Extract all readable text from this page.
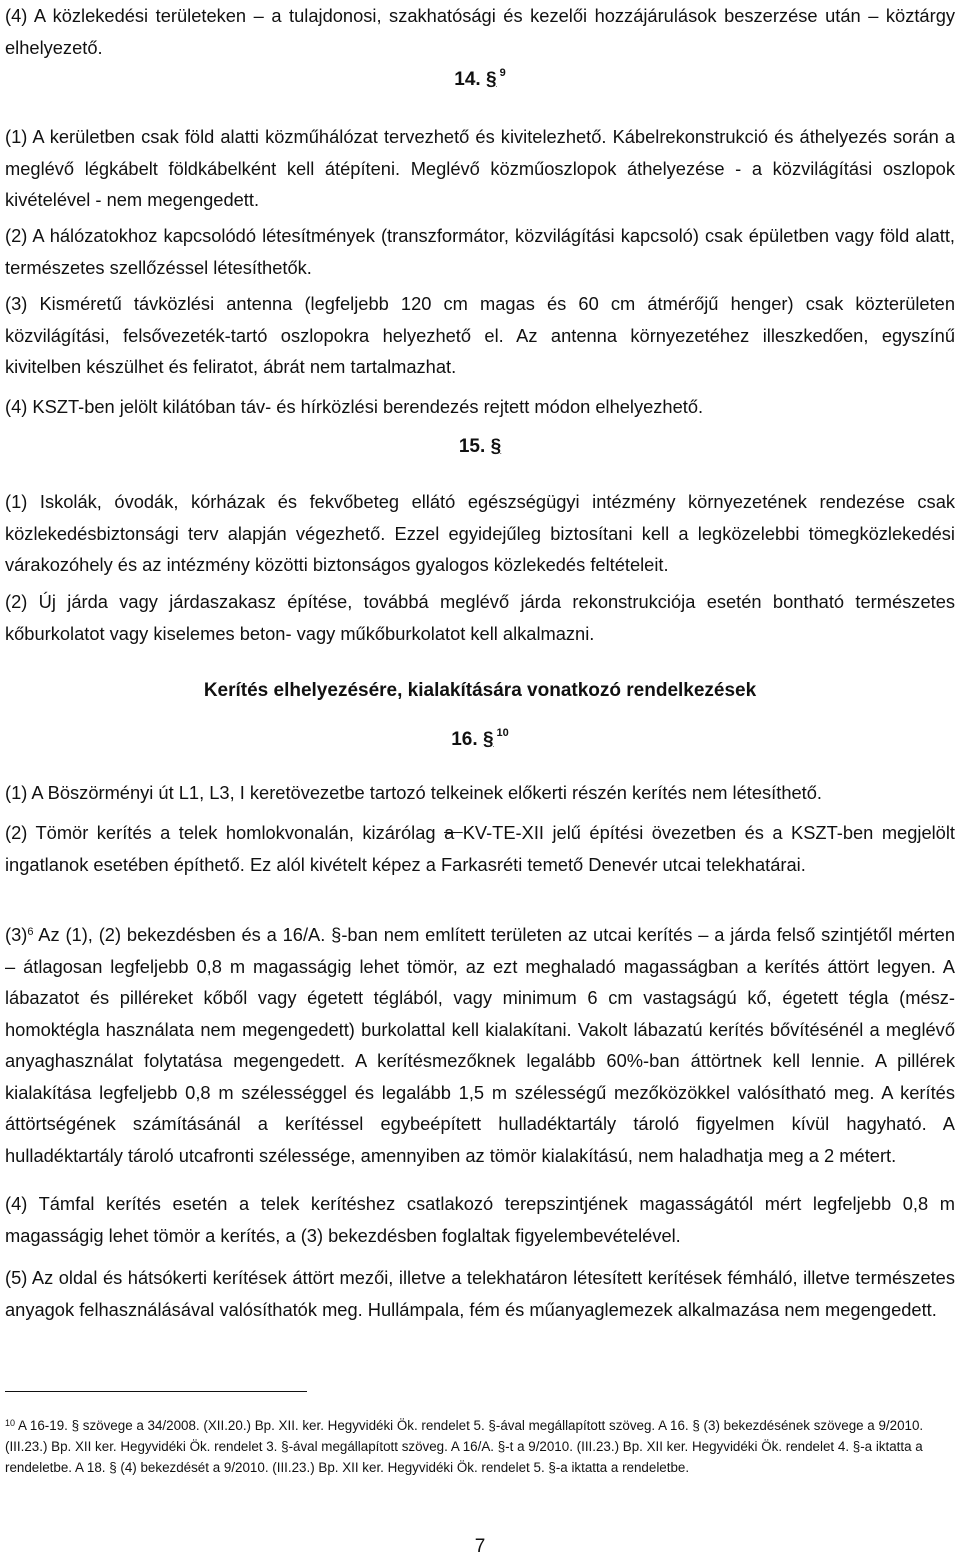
(4) A közlekedési területeken – a tulajdonosi, szakhatósági és kezelői hozzájárulások beszerzése után – köztárgy elhelyezető.

14. § $^9$

(1) A kerületben csak föld alatti közműhálózat tervezhető és kivitelezhető. Kábelrekonstrukció és áthelyezés során a meglévő légkábelt földkábelként kell átépíteni. Meglévő közműoszlopok áthelyezése - a közvilágítási oszlopok kivételével - nem megengedett.

(2) A hálózatokhoz kapcsolódó létesítmények (transzformátor, közvilágítási kapcsoló) csak épületben vagy föld alatt, természetes szellőzéssel létesíthetők.

(3) Kisméretű távközlési antenna (legfeljebb 120 cm magas és 60 cm átmérőjű henger) csak közterületen közvilágítási, felsővezeték-tartó oszlopokra helyezhető el. Az antenna környezetéhez illeszkedően, egyszínű kivitelben készülhet és feliratot, ábrát nem tartalmazhat.

(4) KSZT-ben jelölt kilátóban táv- és hírközlési berendezés rejtett módon elhelyezhető.

15. §

(1) Iskolák, óvodák, kórházak és fekvőbeteg ellátó egészségügyi intézmény környezetének rendezése csak közlekedésbiztonsági terv alapján végezhető. Ezzel egyidejűleg biztosítani kell a legközelebbi tömegközlekedési várakozóhely és az intézmény közötti biztonságos gyalogos közlekedés feltételeit.

(2) Új járda vagy járdaszakasz építése, továbbá meglévő járda rekonstrukciója esetén bontható természetes kőburkolatot vagy kiselemes beton- vagy műkőburkolatot kell alkalmazni.

Kerítés elhelyezésére, kialakítására vonatkozó rendelkezések
16. § $^{10}$

(1) A Böszörményi út L1, L3, I keretövezetbe tartozó telkeinek előkerti részén kerítés nem létesíthető.

(2) Tömör kerítés a telek homlokvonalán, kizárólag a KV-TE-XII jelű építési övezetben és a KSZT-ben megjelölt ingatlanok esetében építhető. Ez alól kivételt képez a Farkasréti temető Denevér utcai telekhatárai.

(3)$^6$ Az (1), (2) bekezdésben és a 16/A. §-ban nem említett területen az utcai kerítés – a járda felső szintjétől mérten – átlagosan legfeljebb 0,8 m magasságig lehet tömör, az ezt meghaladó magasságban a kerítés áttört legyen. A lábazatot és pilléreket kőből vagy égetett téglából, vagy minimum 6 cm vastagságú kő, égetett tégla (mész-homoktégla használata nem megengedett) burkolattal kell kialakítani. Vakolt lábazatú kerítés bővítésénél a meglévő anyaghasználat folytatása megengedett. A kerítésmezőknek legalább 60%-ban áttörtnek kell lennie. A pillérek kialakítása legfeljebb 0,8 m szélességgel és legalább 1,5 m szélességű mezőközökkel valósítható meg. A kerítés áttörtségének számításánál a kerítéssel egybeépített hulladéktartály tároló figyelmen kívül hagyható. A hulladéktartály tároló utcafronti szélessége, amennyiben az tömör kialakítású, nem haladhatja meg a 2 métert.

(4) Támfal kerítés esetén a telek kerítéshez csatlakozó terepszintjének magasságától mért legfeljebb 0,8 m magasságig lehet tömör a kerítés, a (3) bekezdésben foglaltak figyelembevételével.

(5) Az oldal és hátsókerti kerítések áttört mezői, illetve a telekhatáron létesített kerítések fémháló, illetve természetes anyagok felhasználásával valósíthatók meg. Hullámpala, fém és műanyaglemezek alkalmazása nem megengedett.

$^{10}$ A 16-19. § szövege a 34/2008. (XII.20.) Bp. XII. ker. Hegyvidéki Ök. rendelet 5. §-ával megállapított szöveg. A 16. § (3) bekezdésének szövege a 9/2010. (III.23.) Bp. XII ker. Hegyvidéki Ök. rendelet 3. §-ával megállapított szöveg. A 16/A. §-t a 9/2010. (III.23.) Bp. XII ker. Hegyvidéki Ök. rendelet 4. §-a iktatta a rendeletbe. A 18. § (4) bekezdését a 9/2010. (III.23.) Bp. XII ker. Hegyvidéki Ök. rendelet 5. §-a iktatta a rendeletbe.

7
